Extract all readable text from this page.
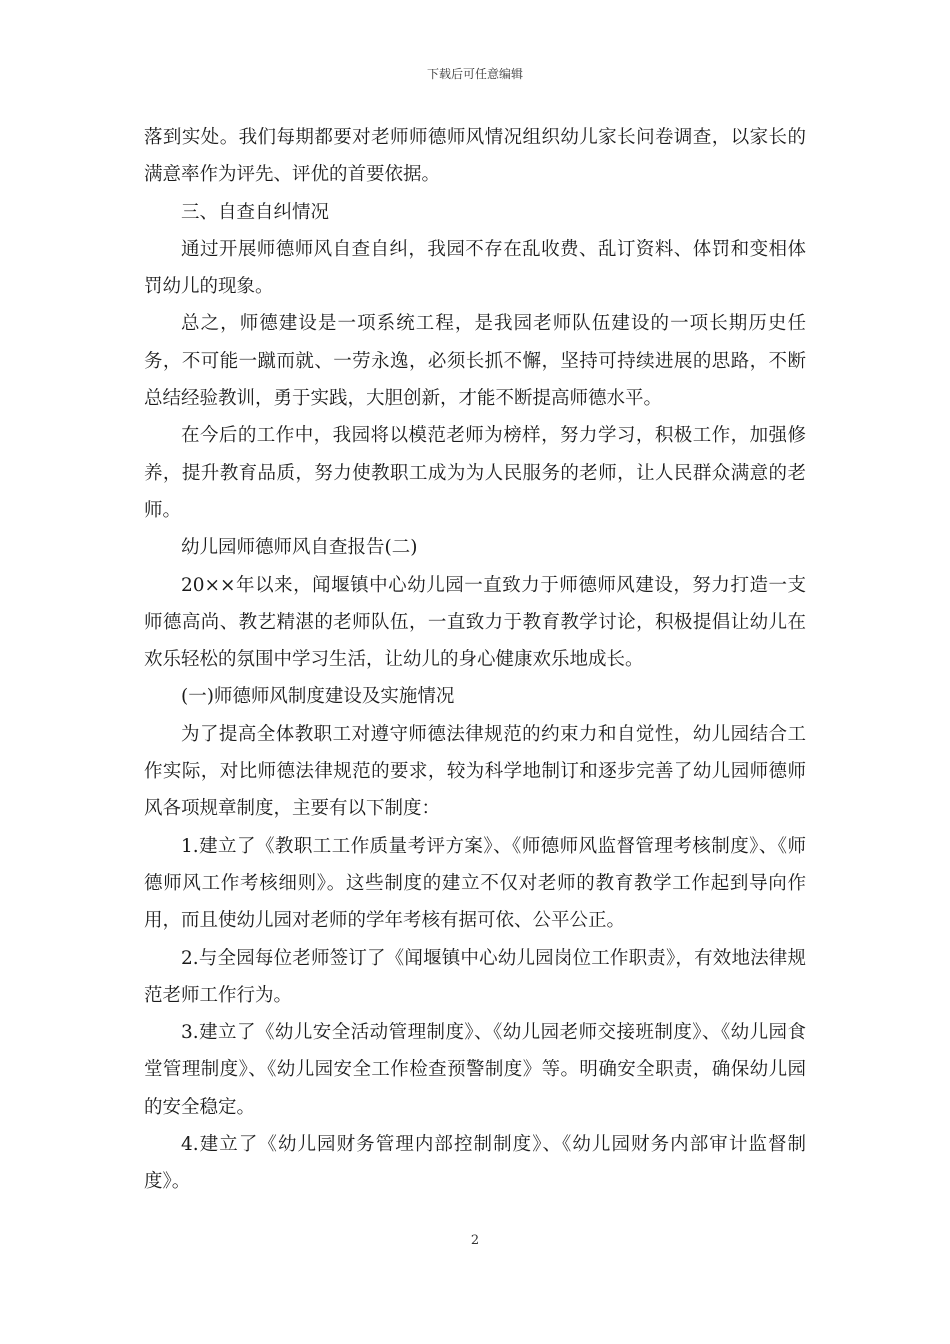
下载后可任意编辑

落到实处。我们每期都要对老师师德师风情况组织幼儿家长问卷调查，以家长的满意率作为评先、评优的首要依据。

三、自查自纠情况

通过开展师德师风自查自纠，我园不存在乱收费、乱订资料、体罚和变相体罚幼儿的现象。

总之，师德建设是一项系统工程，是我园老师队伍建设的一项长期历史任务，不可能一蹴而就、一劳永逸，必须长抓不懈，坚持可持续进展的思路，不断总结经验教训，勇于实践，大胆创新，才能不断提高师德水平。

在今后的工作中，我园将以模范老师为榜样，努力学习，积极工作，加强修养，提升教育品质，努力使教职工成为为人民服务的老师，让人民群众满意的老师。

幼儿园师德师风自查报告(二)

20××年以来，闻堰镇中心幼儿园一直致力于师德师风建设，努力打造一支师德高尚、教艺精湛的老师队伍，一直致力于教育教学讨论，积极提倡让幼儿在欢乐轻松的氛围中学习生活，让幼儿的身心健康欢乐地成长。

(一)师德师风制度建设及实施情况

为了提高全体教职工对遵守师德法律规范的约束力和自觉性，幼儿园结合工作实际，对比师德法律规范的要求，较为科学地制订和逐步完善了幼儿园师德师风各项规章制度，主要有以下制度：

1.建立了《教职工工作质量考评方案》、《师德师风监督管理考核制度》、《师德师风工作考核细则》。这些制度的建立不仅对老师的教育教学工作起到导向作用，而且使幼儿园对老师的学年考核有据可依、公平公正。

2.与全园每位老师签订了《闻堰镇中心幼儿园岗位工作职责》，有效地法律规范老师工作行为。

3.建立了《幼儿安全活动管理制度》、《幼儿园老师交接班制度》、《幼儿园食堂管理制度》、《幼儿园安全工作检查预警制度》等。明确安全职责，确保幼儿园的安全稳定。

4.建立了《幼儿园财务管理内部控制制度》、《幼儿园财务内部审计监督制度》。

2
